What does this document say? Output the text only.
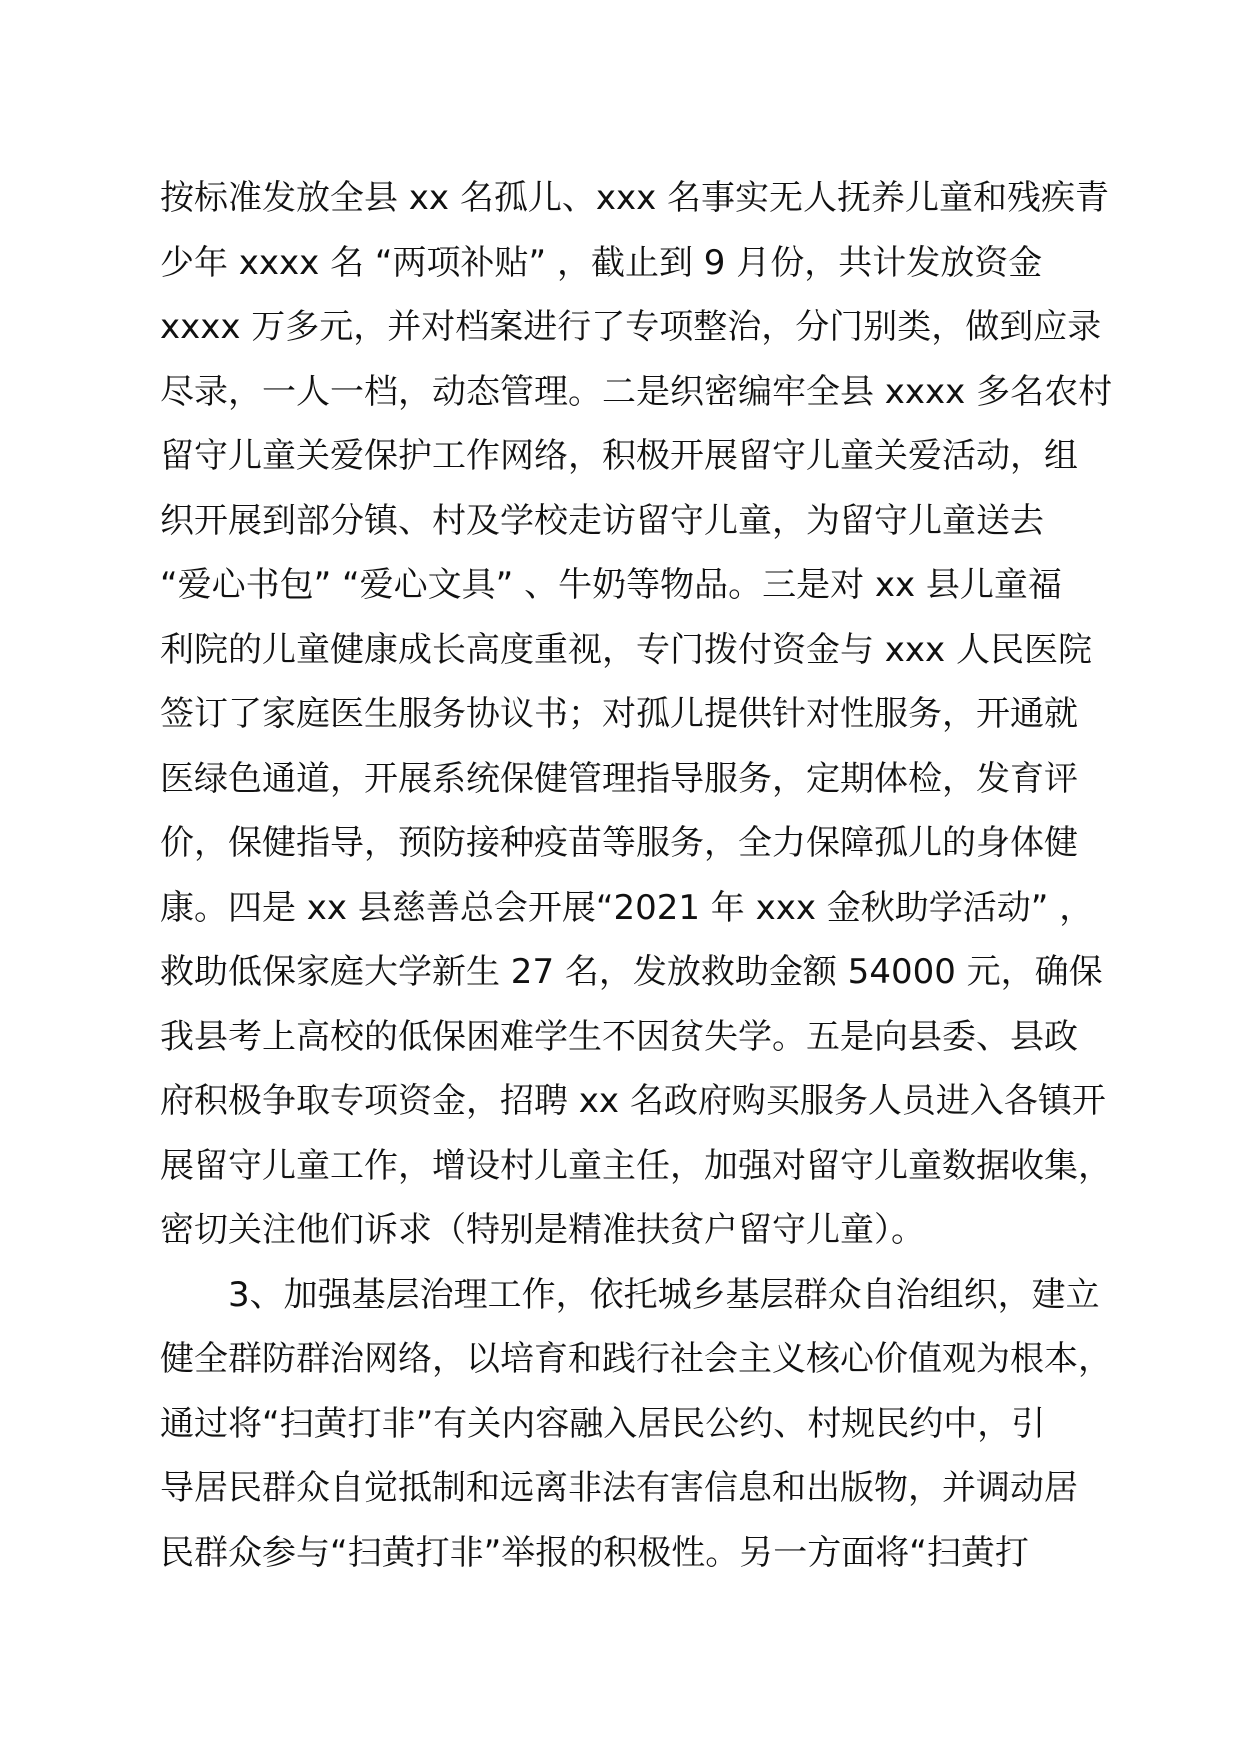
按标准发放全县 xx 名孤儿、xxx 名事实无人抚养儿童和残疾青

少年 xxxx 名 “两项补贴” ，截止到 9 月份，共计发放资金

xxxx 万多元，并对档案进行了专项整治，分门别类，做到应录

尽录，一人一档，动态管理。二是织密编牢全县 xxxx 多名农村

留守儿童关爱保护工作网络，积极开展留守儿童关爱活动，组

织开展到部分镇、村及学校走访留守儿童，为留守儿童送去

“爱心书包” “爱心文具” 、牛奶等物品。三是对 xx 县儿童福

利院的儿童健康成长高度重视，专门拨付资金与 xxx 人民医院

签订了家庭医生服务协议书；对孤儿提供针对性服务，开通就

医绿色通道，开展系统保健管理指导服务，定期体检，发育评

价，保健指导，预防接种疫苗等服务，全力保障孤儿的身体健

康。四是 xx 县慈善总会开展“2021 年 xxx 金秋助学活动” ，

救助低保家庭大学新生 27 名，发放救助金额 54000 元，确保

我县考上高校的低保困难学生不因贫失学。五是向县委、县政

府积极争取专项资金，招聘 xx 名政府购买服务人员进入各镇开

展留守儿童工作，增设村儿童主任，加强对留守儿童数据收集，

密切关注他们诉求（特别是精准扶贫户留守儿童）。

3、加强基层治理工作，依托城乡基层群众自治组织，建立

健全群防群治网络，以培育和践行社会主义核心价值观为根本，

通过将“扫黄打非”有关内容融入居民公约、村规民约中，引

导居民群众自觉抵制和远离非法有害信息和出版物，并调动居

民群众参与“扫黄打非”举报的积极性。另一方面将“扫黄打
